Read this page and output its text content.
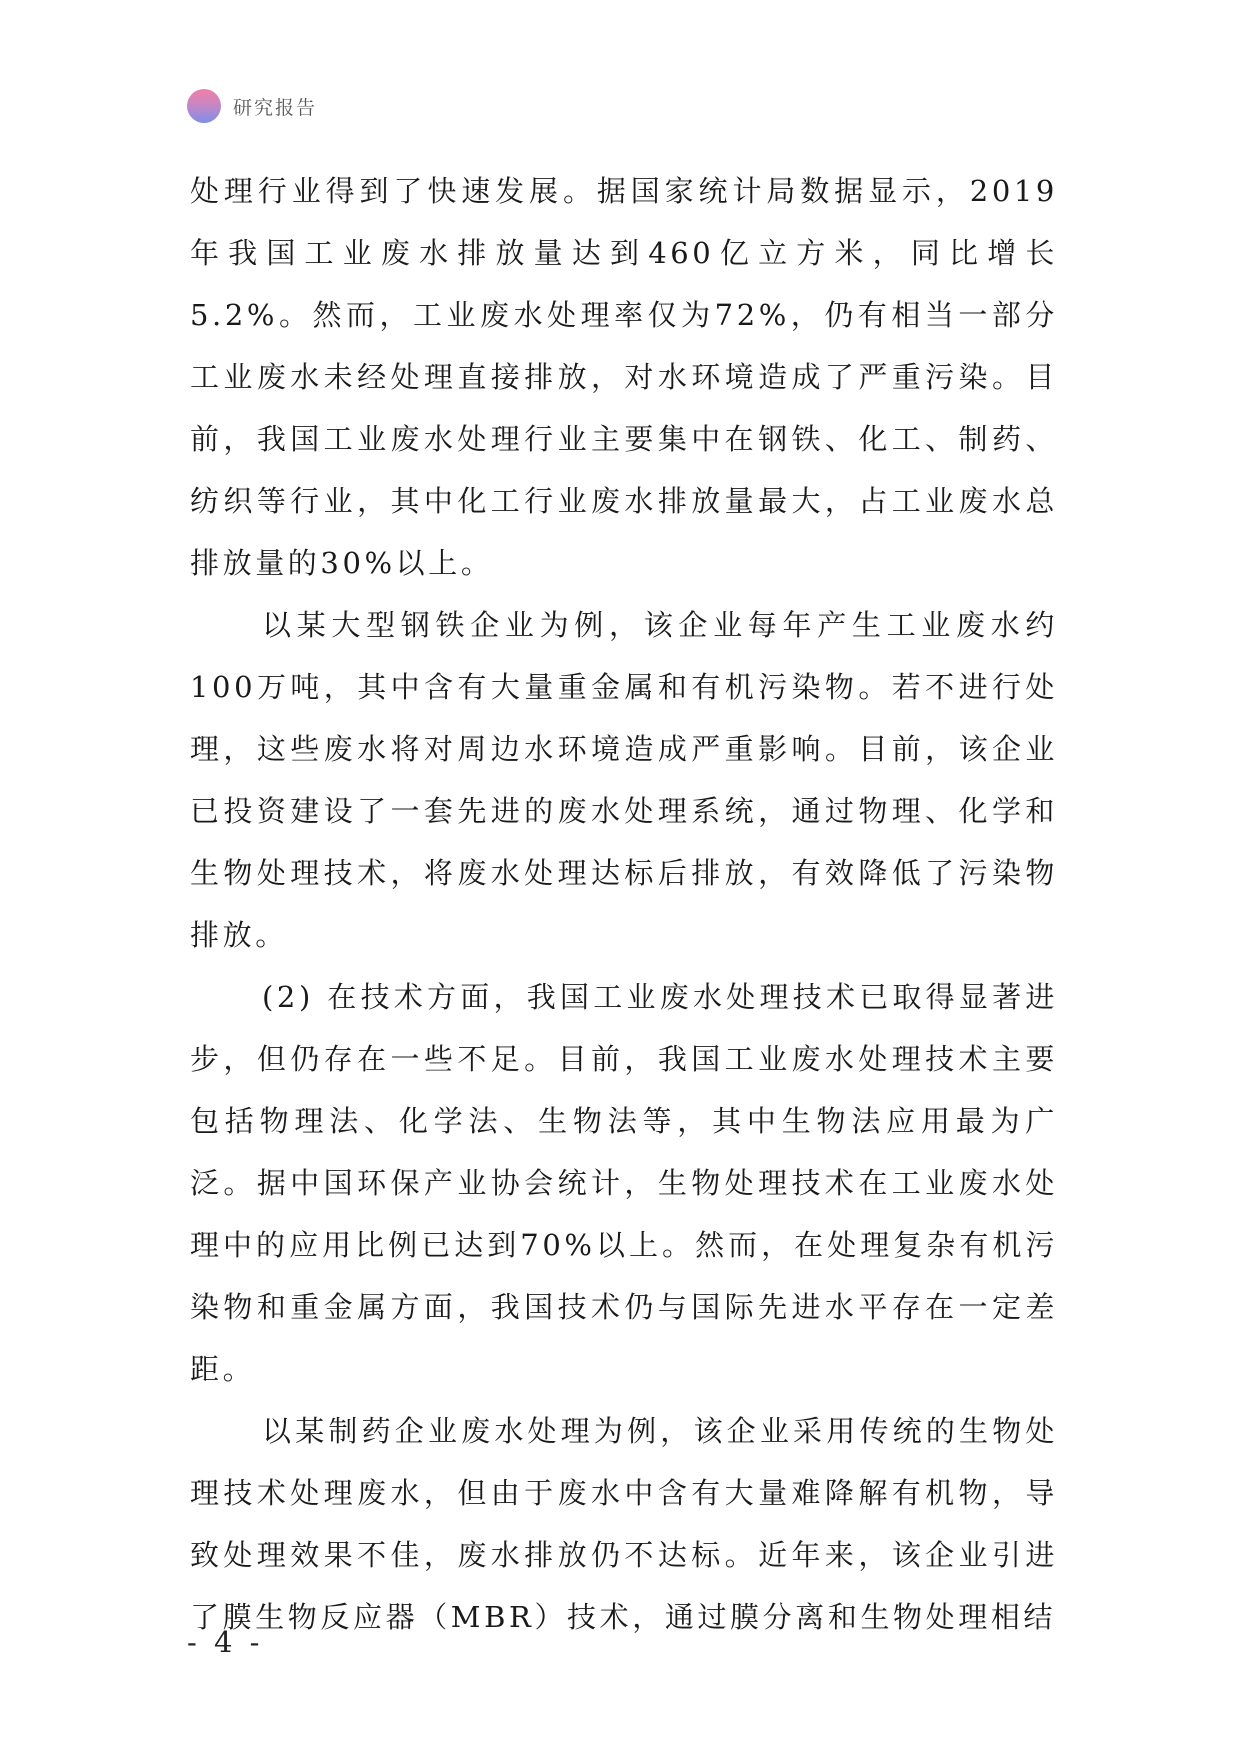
研究报告

处理行业得到了快速发展。据国家统计局数据显示，2019年我国工业废水排放量达到460亿立方米，同比增长5.2%。然而，工业废水处理率仅为72%，仍有相当一部分工业废水未经处理直接排放，对水环境造成了严重污染。目前，我国工业废水处理行业主要集中在钢铁、化工、制药、纺织等行业，其中化工行业废水排放量最大，占工业废水总排放量的30%以上。

以某大型钢铁企业为例，该企业每年产生工业废水约100万吨，其中含有大量重金属和有机污染物。若不进行处理，这些废水将对周边水环境造成严重影响。目前，该企业已投资建设了一套先进的废水处理系统，通过物理、化学和生物处理技术，将废水处理达标后排放，有效降低了污染物排放。

(2) 在技术方面，我国工业废水处理技术已取得显著进步，但仍存在一些不足。目前，我国工业废水处理技术主要包括物理法、化学法、生物法等，其中生物法应用最为广泛。据中国环保产业协会统计，生物处理技术在工业废水处理中的应用比例已达到70%以上。然而，在处理复杂有机污染物和重金属方面，我国技术仍与国际先进水平存在一定差距。

以某制药企业废水处理为例，该企业采用传统的生物处理技术处理废水，但由于废水中含有大量难降解有机物，导致处理效果不佳，废水排放仍不达标。近年来，该企业引进了膜生物反应器（MBR）技术，通过膜分离和生物处理相结

- 4 -
